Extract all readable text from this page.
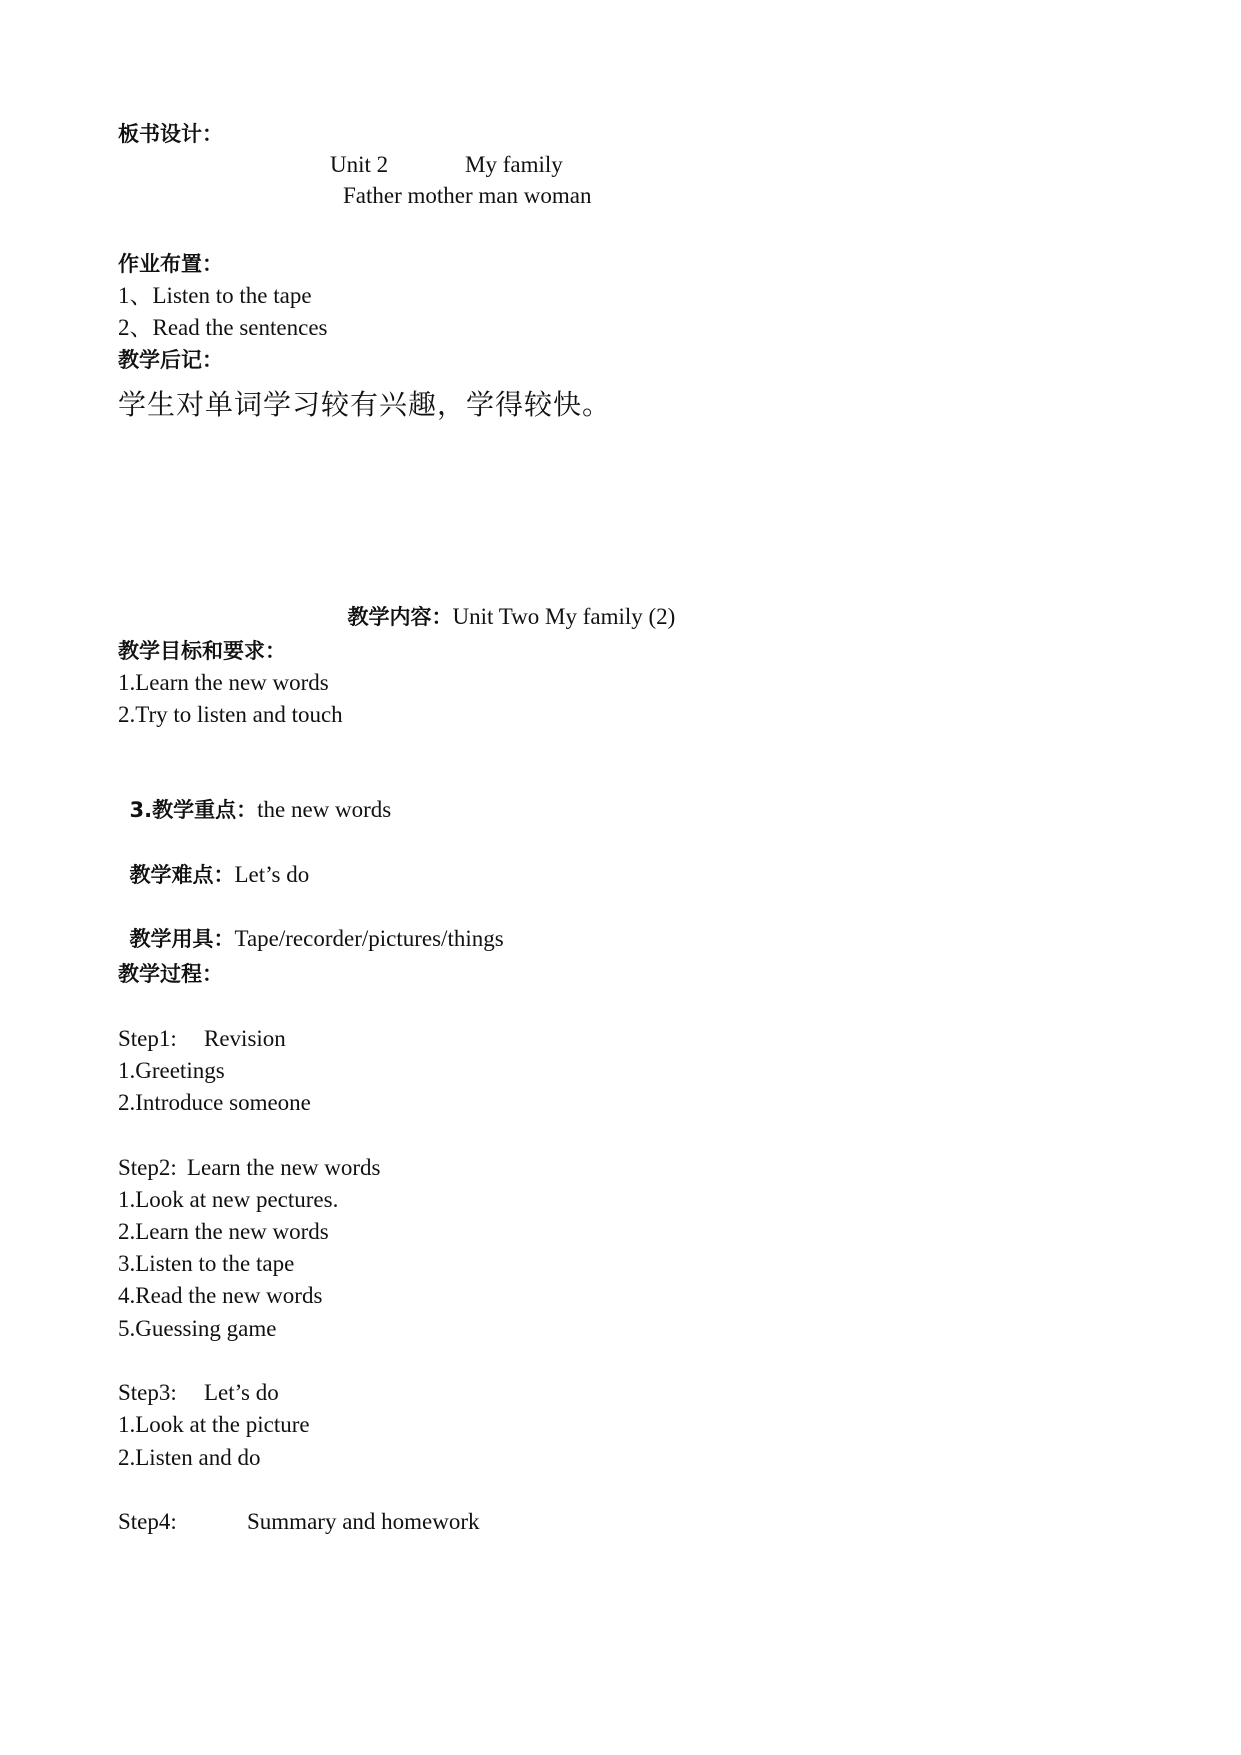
板书设计：
Unit 2	My family
Father mother man woman
作业布置：
1、Listen to the tape
2、Read the sentences
教学后记：
学生对单词学习较有兴趣，学得较快。

教学内容：Unit Two My family (2)

教学目标和要求：
1.Learn the new words
2.Try to listen and touch

3.教学重点：the new words

教学难点：Let’s do

教学用具：Tape/recorder/pictures/things

教学过程：
Step1: Revision
1.Greetings
2.Introduce someone
Step2: Learn the new words
1.Look at new pectures.
2.Learn the new words
3.Listen to the tape
4.Read the new words
5.Guessing game
Step3: Let’s do
1.Look at the picture
2.Listen and do
Step4:	Summary and homework
